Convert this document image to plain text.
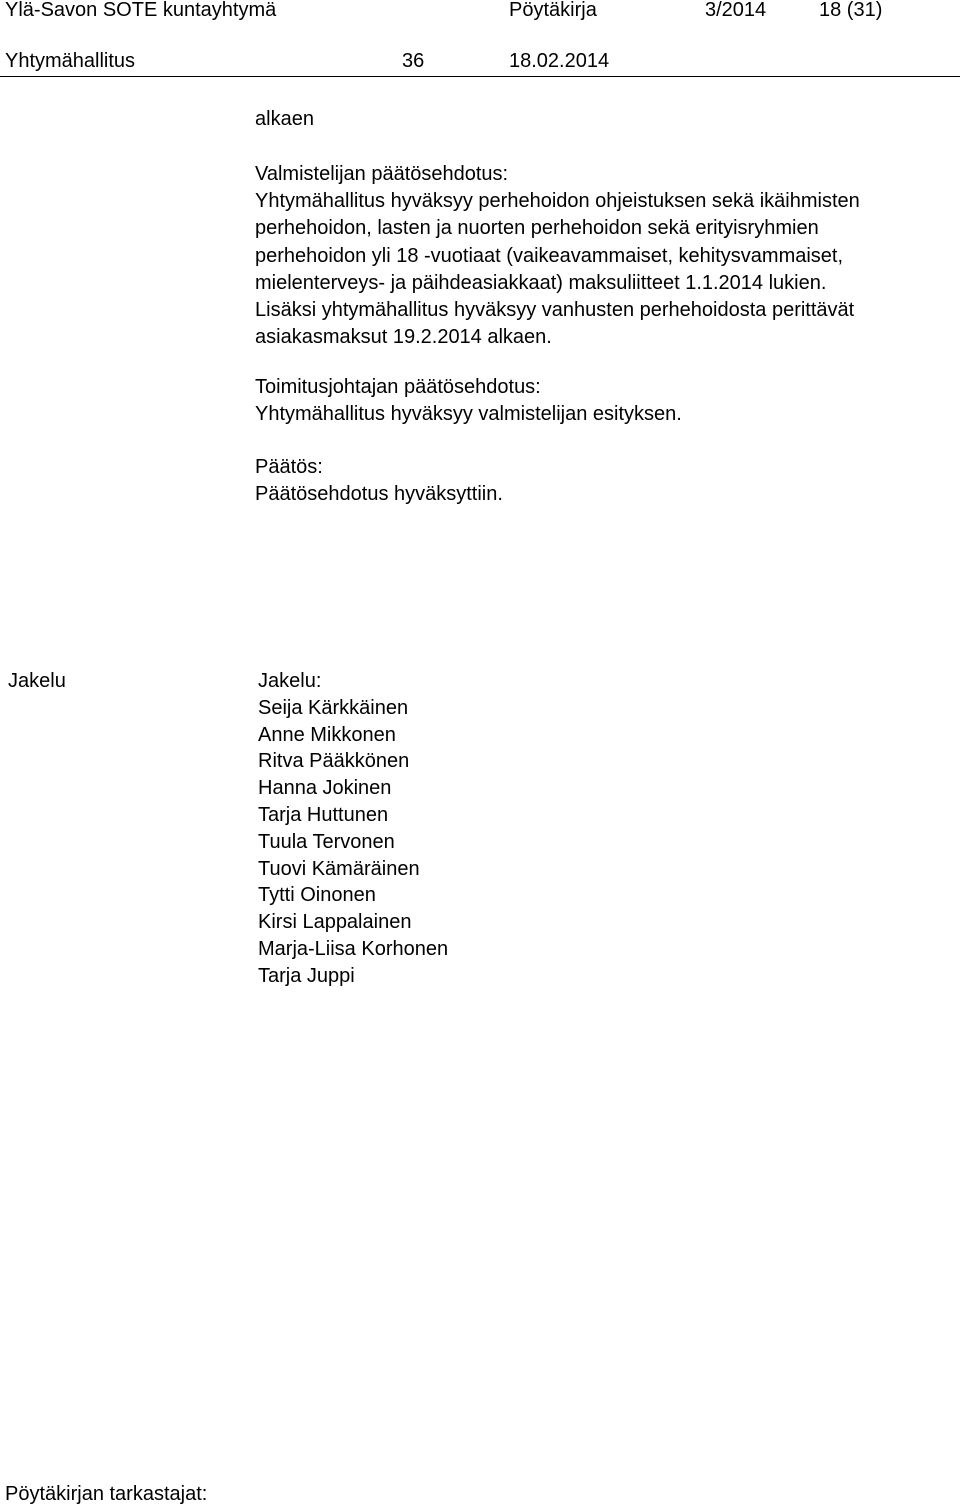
Ylä-Savon SOTE kuntayhtymä	Pöytäkirja	3/2014	18 (31)
Yhtymähallitus	36	18.02.2014
alkaen

Valmistelijan päätösehdotus:

Yhtymähallitus hyväksyy perhehoidon ohjeistuksen sekä ikäihmisten

perhehoidon, lasten ja nuorten perhehoidon sekä erityisryhmien

perhehoidon yli 18 -vuotiaat (vaikeavammaiset, kehitysvammaiset,

mielenterveys- ja päihdeasiakkaat) maksuliitteet 1.1.2014 lukien.

Lisäksi yhtymähallitus hyväksyy vanhusten perhehoidosta perittävät

asiakasmaksut 19.2.2014 alkaen.

Toimitusjohtajan päätösehdotus:

Yhtymähallitus hyväksyy valmistelijan esityksen.

Päätös:

Päätösehdotus hyväksyttiin.

Jakelu	Jakelu:
Seija Kärkkäinen
Anne Mikkonen
Ritva Pääkkönen
Hanna Jokinen
Tarja Huttunen
Tuula Tervonen
Tuovi Kämäräinen
Tytti Oinonen
Kirsi Lappalainen
Marja-Liisa Korhonen
Tarja Juppi
Pöytäkirjan tarkastajat:
